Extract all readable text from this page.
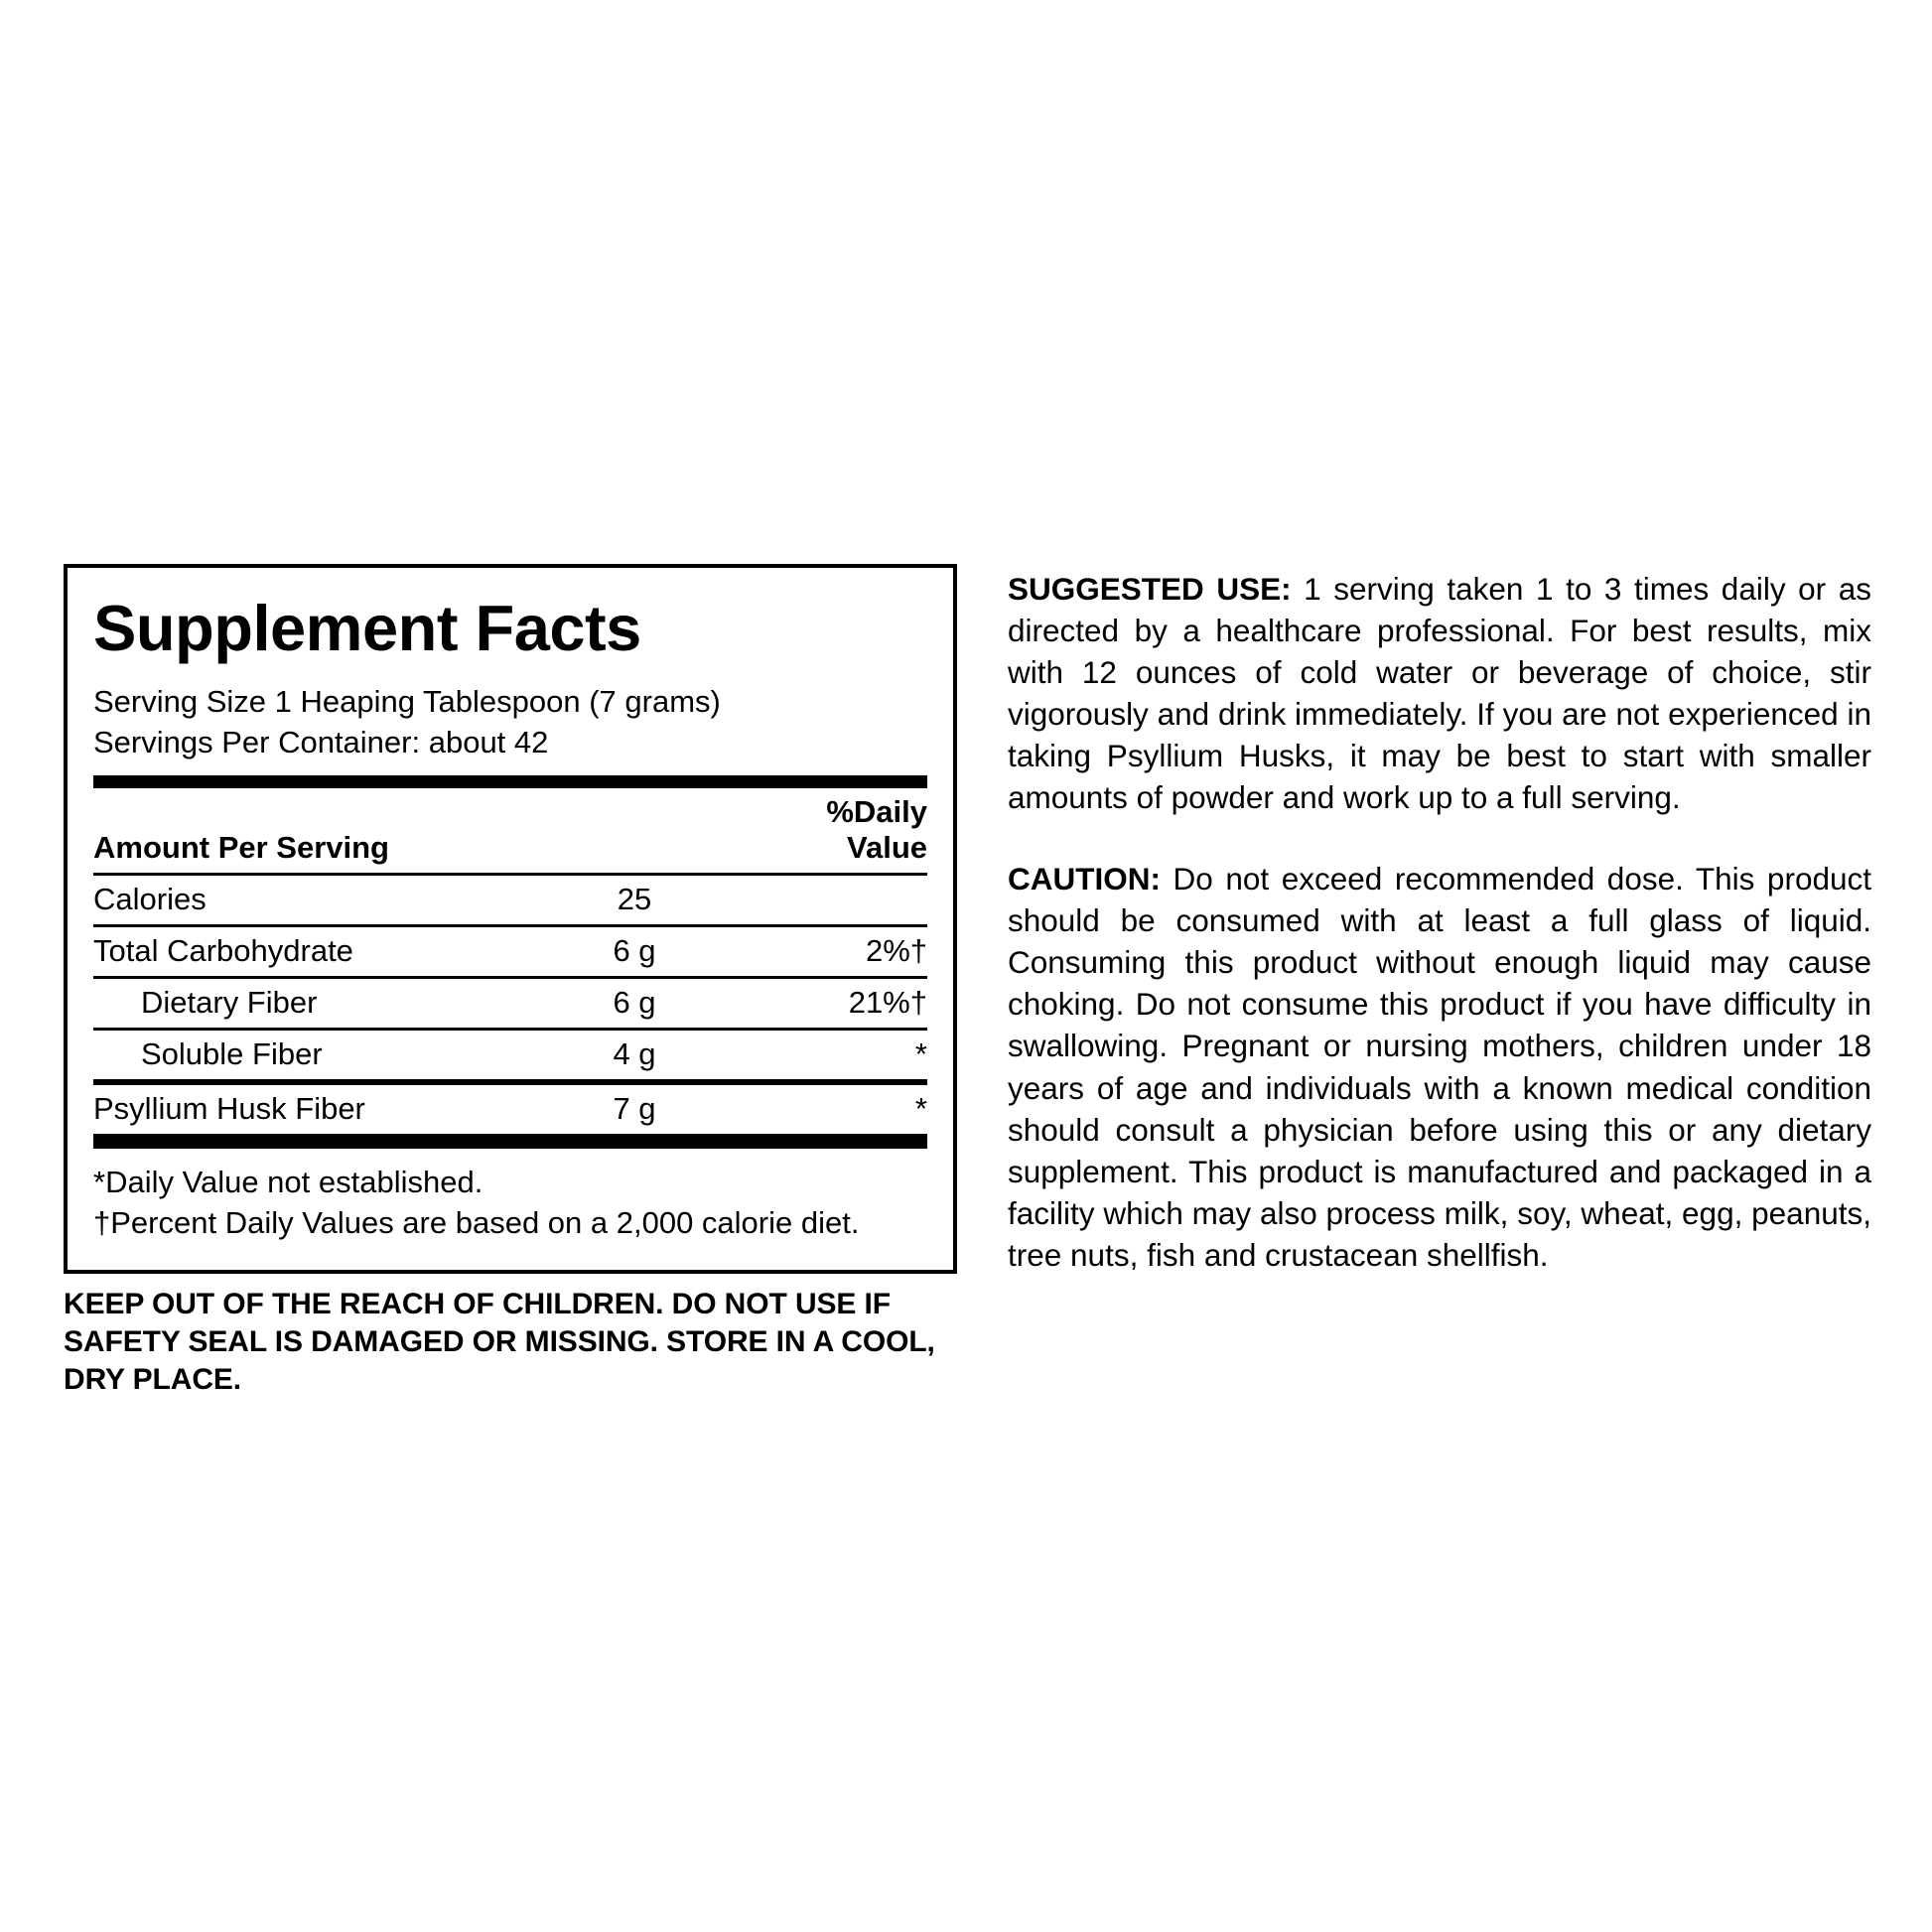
Supplement Facts
Serving Size 1 Heaping Tablespoon (7 grams)
Servings Per Container: about 42
Amount Per Serving		%Daily Value
Calories	25	
Total Carbohydrate	6 g	2%†
Dietary Fiber	6 g	21%†
Soluble Fiber	4 g	*
Psyllium Husk Fiber	7 g	*
*Daily Value not established.
†Percent Daily Values are based on a 2,000 calorie diet.
KEEP OUT OF THE REACH OF CHILDREN. DO NOT USE IF SAFETY SEAL IS DAMAGED OR MISSING. STORE IN A COOL, DRY PLACE.

SUGGESTED USE: 1 serving taken 1 to 3 times daily or as directed by a healthcare professional. For best results, mix with 12 ounces of cold water or beverage of choice, stir vigorously and drink immediately. If you are not experienced in taking Psyllium Husks, it may be best to start with smaller amounts of powder and work up to a full serving.

CAUTION: Do not exceed recommended dose. This product should be consumed with at least a full glass of liquid. Consuming this product without enough liquid may cause choking. Do not consume this product if you have difficulty in swallowing. Pregnant or nursing mothers, children under 18 years of age and individuals with a known medical condition should consult a physician before using this or any dietary supplement. This product is manufactured and packaged in a facility which may also process milk, soy, wheat, egg, peanuts, tree nuts, fish and crustacean shellfish.
